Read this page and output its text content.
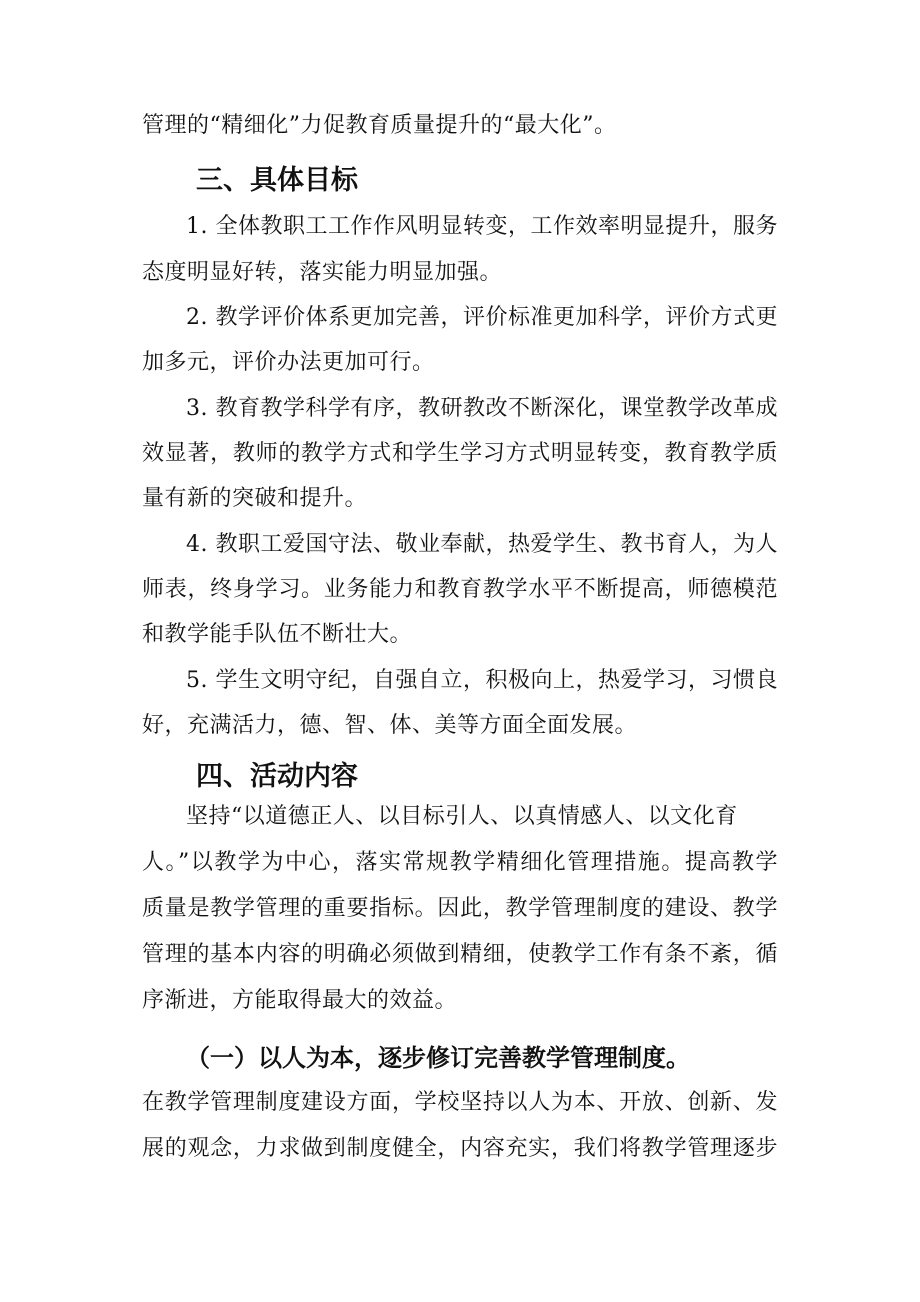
管理的“精细化”力促教育质量提升的“最大化”。
三、具体目标
1. 全体教职工工作作风明显转变，工作效率明显提升，服务
态度明显好转，落实能力明显加强。
2. 教学评价体系更加完善，评价标准更加科学，评价方式更
加多元，评价办法更加可行。
3. 教育教学科学有序，教研教改不断深化，课堂教学改革成
效显著，教师的教学方式和学生学习方式明显转变，教育教学质
量有新的突破和提升。
4. 教职工爱国守法、敬业奉献，热爱学生、教书育人，为人
师表，终身学习。业务能力和教育教学水平不断提高，师德模范
和教学能手队伍不断壮大。
5. 学生文明守纪，自强自立，积极向上，热爱学习，习惯良
好，充满活力，德、智、体、美等方面全面发展。
四、活动内容
坚持“以道德正人、以目标引人、以真情感人、以文化育
人。”以教学为中心，落实常规教学精细化管理措施。提高教学
质量是教学管理的重要指标。因此，教学管理制度的建设、教学
管理的基本内容的明确必须做到精细，使教学工作有条不紊，循
序渐进，方能取得最大的效益。
（一）以人为本，逐步修订完善教学管理制度。
在教学管理制度建设方面，学校坚持以人为本、开放、创新、发
展的观念，力求做到制度健全，内容充实，我们将教学管理逐步
